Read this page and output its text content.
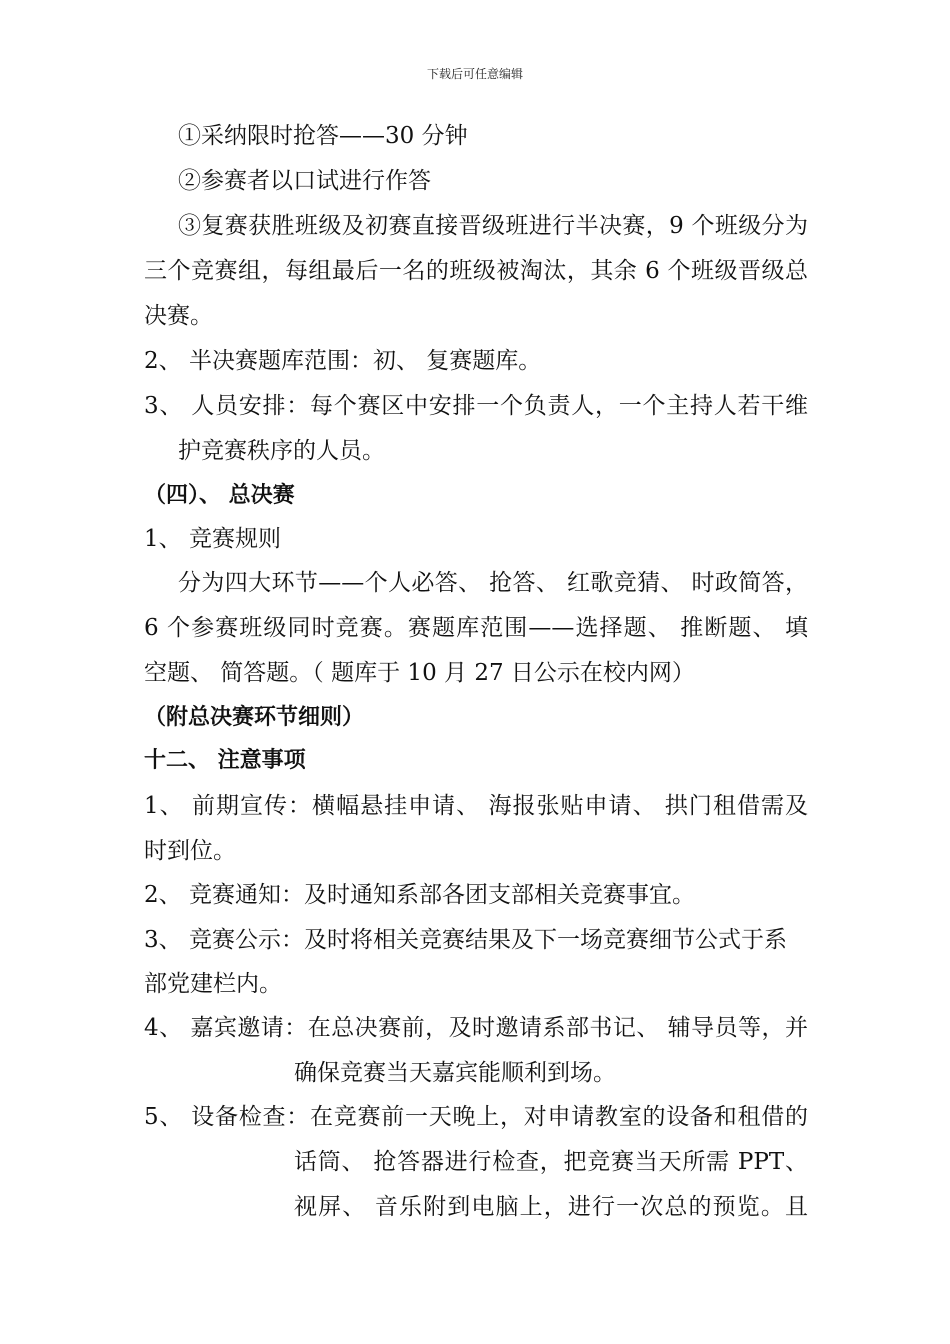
下载后可任意编辑
①采纳限时抢答——30 分钟
②参赛者以口试进行作答
③复赛获胜班级及初赛直接晋级班进行半决赛，9 个班级分为
三个竞赛组，每组最后一名的班级被淘汰，其余 6 个班级晋级总
决赛。
2、 半决赛题库范围：初、 复赛题库。
3、 人员安排：每个赛区中安排一个负责人，一个主持人若干维
护竞赛秩序的人员。
（四）、 总决赛
1、 竞赛规则
分为四大环节——个人必答、 抢答、 红歌竞猜、 时政简答，
6 个参赛班级同时竞赛。赛题库范围——选择题、 推断题、 填
空题、 简答题。（ 题库于 10 月 27 日公示在校内网）
（附总决赛环节细则）
十二、 注意事项
1、 前期宣传：横幅悬挂申请、 海报张贴申请、 拱门租借需及
时到位。
2、 竞赛通知：及时通知系部各团支部相关竞赛事宜。
3、 竞赛公示：及时将相关竞赛结果及下一场竞赛细节公式于系
部党建栏内。
4、 嘉宾邀请：在总决赛前，及时邀请系部书记、 辅导员等，并
确保竞赛当天嘉宾能顺利到场。
5、 设备检查：在竞赛前一天晚上，对申请教室的设备和租借的
话筒、 抢答器进行检查，把竞赛当天所需 PPT、
视屏、 音乐附到电脑上，进行一次总的预览。且
